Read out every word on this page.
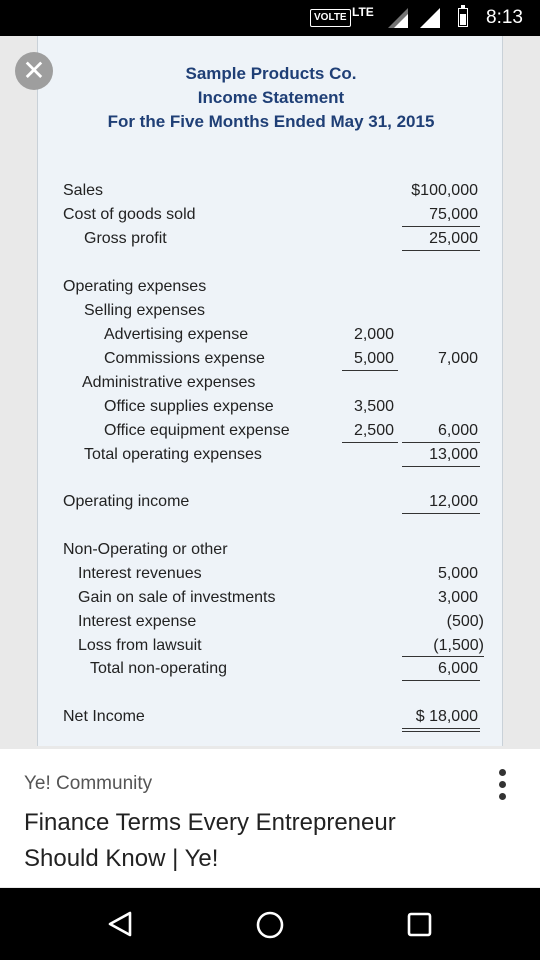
VOLTE LTE	8:13
Sample Products Co.
Income Statement
For the Five Months Ended May 31, 2015
Sales	$100,000
Cost of goods sold	75,000
Gross profit	25,000
Operating expenses
Selling expenses
Advertising expense	2,000
Commissions expense	5,000	7,000
Administrative expenses
Office supplies expense	3,500
Office equipment expense	2,500	6,000
Total operating expenses	13,000
Operating income	12,000
Non-Operating or other
Interest revenues	5,000
Gain on sale of investments	3,000
Interest expense	(500)
Loss from lawsuit	(1,500)
Total non-operating	6,000
Net Income	$ 18,000
✕
Ye! Community
Finance Terms Every Entrepreneur Should Know | Ye!
